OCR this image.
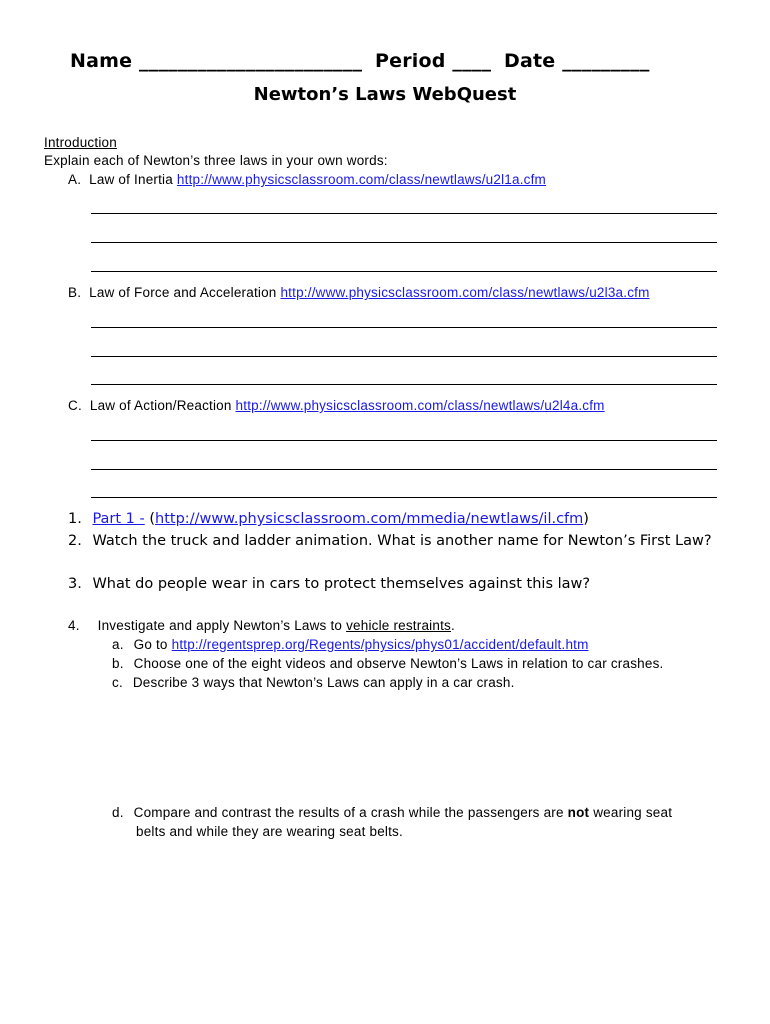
Name _______________________ Period ____ Date _________
Newton’s Laws WebQuest
Introduction
Explain each of Newton’s three laws in your own words:
A. Law of Inertia http://www.physicsclassroom.com/class/newtlaws/u2l1a.cfm
B. Law of Force and Acceleration http://www.physicsclassroom.com/class/newtlaws/u2l3a.cfm
C. Law of Action/Reaction http://www.physicsclassroom.com/class/newtlaws/u2l4a.cfm
1. Part 1 - (http://www.physicsclassroom.com/mmedia/newtlaws/il.cfm)
2. Watch the truck and ladder animation. What is another name for Newton’s First Law?
3. What do people wear in cars to protect themselves against this law?
4. Investigate and apply Newton’s Laws to vehicle restraints.
a. Go to http://regentsprep.org/Regents/physics/phys01/accident/default.htm
b. Choose one of the eight videos and observe Newton’s Laws in relation to car crashes.
c. Describe 3 ways that Newton’s Laws can apply in a car crash.
d. Compare and contrast the results of a crash while the passengers are not wearing seat
belts and while they are wearing seat belts.
